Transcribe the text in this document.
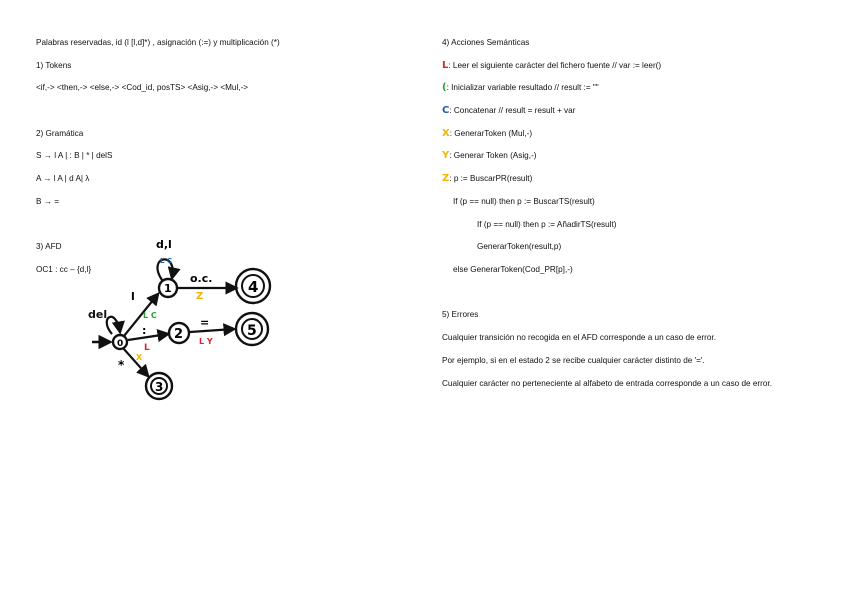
Palabras reservadas, id (l [l,d]*) , asignación (:=) y multiplicación (*)
1) Tokens
<if,-> <then,-> <else,-> <Cod_id, posTS> <Asig,-> <Mul,->
2) Gramática
S → l A | : B | * | delS
A → l A | d A| λ
B → =
3) AFD
OC1 : cc – {d,l}
4) Acciones Semánticas
L: Leer el siguiente carácter del fichero fuente // var := leer()
(: Inicializar variable resultado // result := ""
C: Concatenar // result = result + var
X: GenerarToken (Mul,-)
Y: Generar Token (Asig,-)
Z: p := BuscarPR(result)
If (p == null) then p := BuscarTS(result)
If (p == null) then p := AñadirTS(result)
GenerarToken(result,p)
else GenerarToken(Cod_PR[p],-)
5) Errores
Cualquier transición no recogida en el AFD corresponde a un caso de error.
Por ejemplo, si en el estado 2 se recibe cualquier carácter distinto de '='.
Cualquier carácter no perteneciente al alfabeto de entrada corresponde a un caso de error.
del
0
l
L C
1
d,l
L C
o.c.
Z
4
:
L
2
=
L Y
5
*
X
3
